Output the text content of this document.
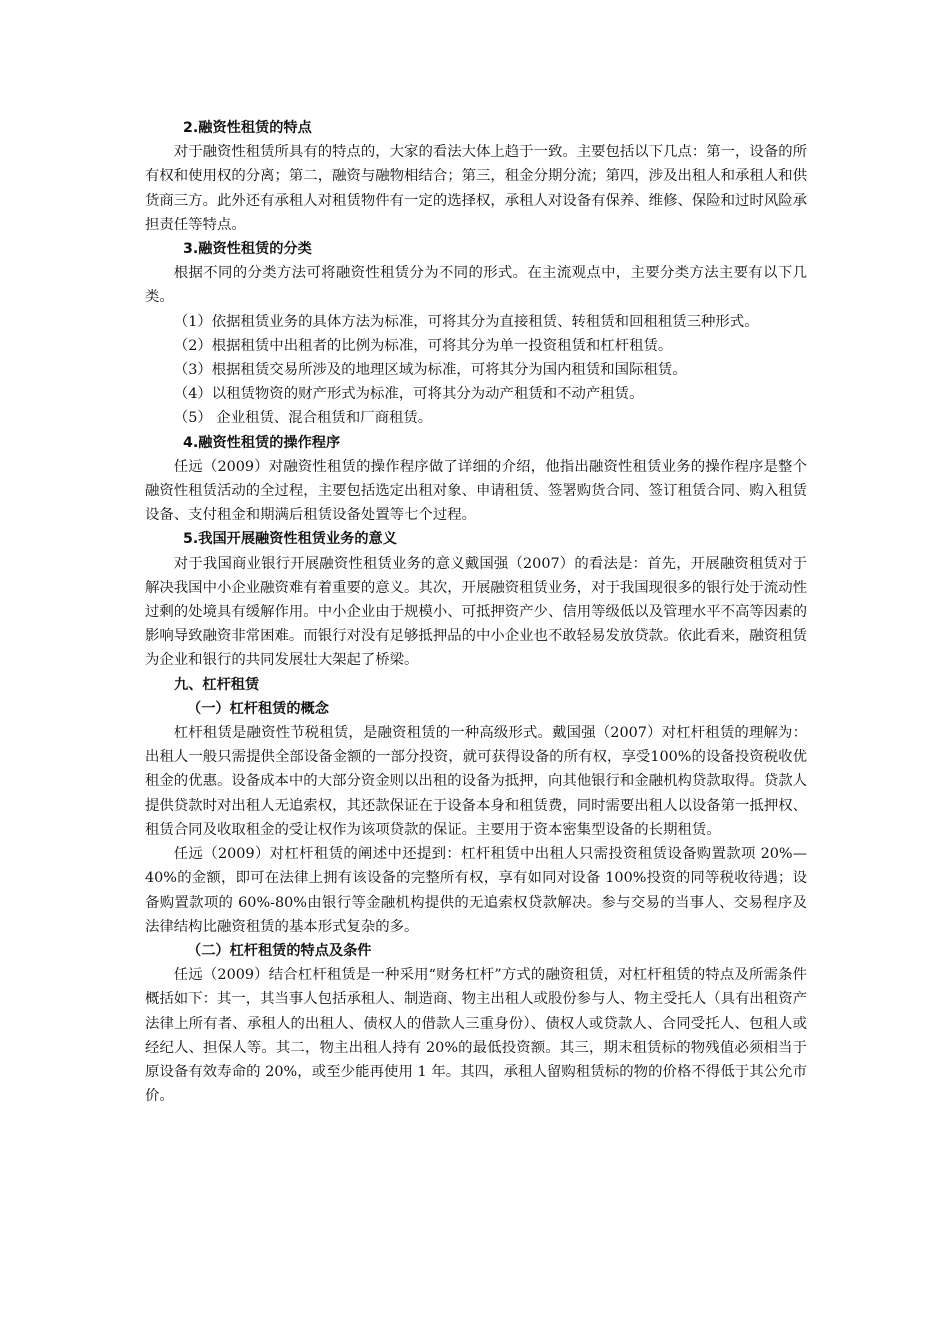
2.融资性租赁的特点

对于融资性租赁所具有的特点的，大家的看法大体上趋于一致。主要包括以下几点：第一，设备的所有权和使用权的分离；第二，融资与融物相结合；第三，租金分期分流；第四，涉及出租人和承租人和供货商三方。此外还有承租人对租赁物件有一定的选择权，承租人对设备有保养、维修、保险和过时风险承担责任等特点。

3.融资性租赁的分类

根据不同的分类方法可将融资性租赁分为不同的形式。在主流观点中，主要分类方法主要有以下几类。

（1）依据租赁业务的具体方法为标准，可将其分为直接租赁、转租赁和回租租赁三种形式。

（2）根据租赁中出租者的比例为标准，可将其分为单一投资租赁和杠杆租赁。

（3）根据租赁交易所涉及的地理区域为标准，可将其分为国内租赁和国际租赁。

（4）以租赁物资的财产形式为标准，可将其分为动产租赁和不动产租赁。

（5） 企业租赁、混合租赁和厂商租赁。

4.融资性租赁的操作程序

任远（2009）对融资性租赁的操作程序做了详细的介绍，他指出融资性租赁业务的操作程序是整个融资性租赁活动的全过程，主要包括选定出租对象、申请租赁、签署购货合同、签订租赁合同、购入租赁设备、支付租金和期满后租赁设备处置等七个过程。

5.我国开展融资性租赁业务的意义

对于我国商业银行开展融资性租赁业务的意义戴国强（2007）的看法是：首先，开展融资租赁对于解决我国中小企业融资难有着重要的意义。其次，开展融资租赁业务，对于我国现很多的银行处于流动性过剩的处境具有缓解作用。中小企业由于规模小、可抵押资产少、信用等级低以及管理水平不高等因素的影响导致融资非常困难。而银行对没有足够抵押品的中小企业也不敢轻易发放贷款。依此看来，融资租赁为企业和银行的共同发展壮大架起了桥梁。

九、杠杆租赁

（一）杠杆租赁的概念

杠杆租赁是融资性节税租赁，是融资租赁的一种高级形式。戴国强（2007）对杠杆租赁的理解为：出租人一般只需提供全部设备金额的一部分投资，就可获得设备的所有权，享受100%的设备投资税收优租金的优惠。设备成本中的大部分资金则以出租的设备为抵押，向其他银行和金融机构贷款取得。贷款人提供贷款时对出租人无追索权，其还款保证在于设备本身和租赁费，同时需要出租人以设备第一抵押权、租赁合同及收取租金的受让权作为该项贷款的保证。主要用于资本密集型设备的长期租赁。

任远（2009）对杠杆租赁的阐述中还提到：杠杆租赁中出租人只需投资租赁设备购置款项 20%—40%的金额，即可在法律上拥有该设备的完整所有权，享有如同对设备 100%投资的同等税收待遇；设备购置款项的 60%-80%由银行等金融机构提供的无追索权贷款解决。参与交易的当事人、交易程序及法律结构比融资租赁的基本形式复杂的多。

（二）杠杆租赁的特点及条件

任远（2009）结合杠杆租赁是一种采用“财务杠杆”方式的融资租赁，对杠杆租赁的特点及所需条件概括如下：其一，其当事人包括承租人、制造商、物主出租人或股份参与人、物主受托人（具有出租资产法律上所有者、承租人的出租人、债权人的借款人三重身份）、债权人或贷款人、合同受托人、包租人或经纪人、担保人等。其二，物主出租人持有 20%的最低投资额。其三，期末租赁标的物残值必须相当于原设备有效寿命的 20%，或至少能再使用 1 年。其四，承租人留购租赁标的物的价格不得低于其公允市价。
